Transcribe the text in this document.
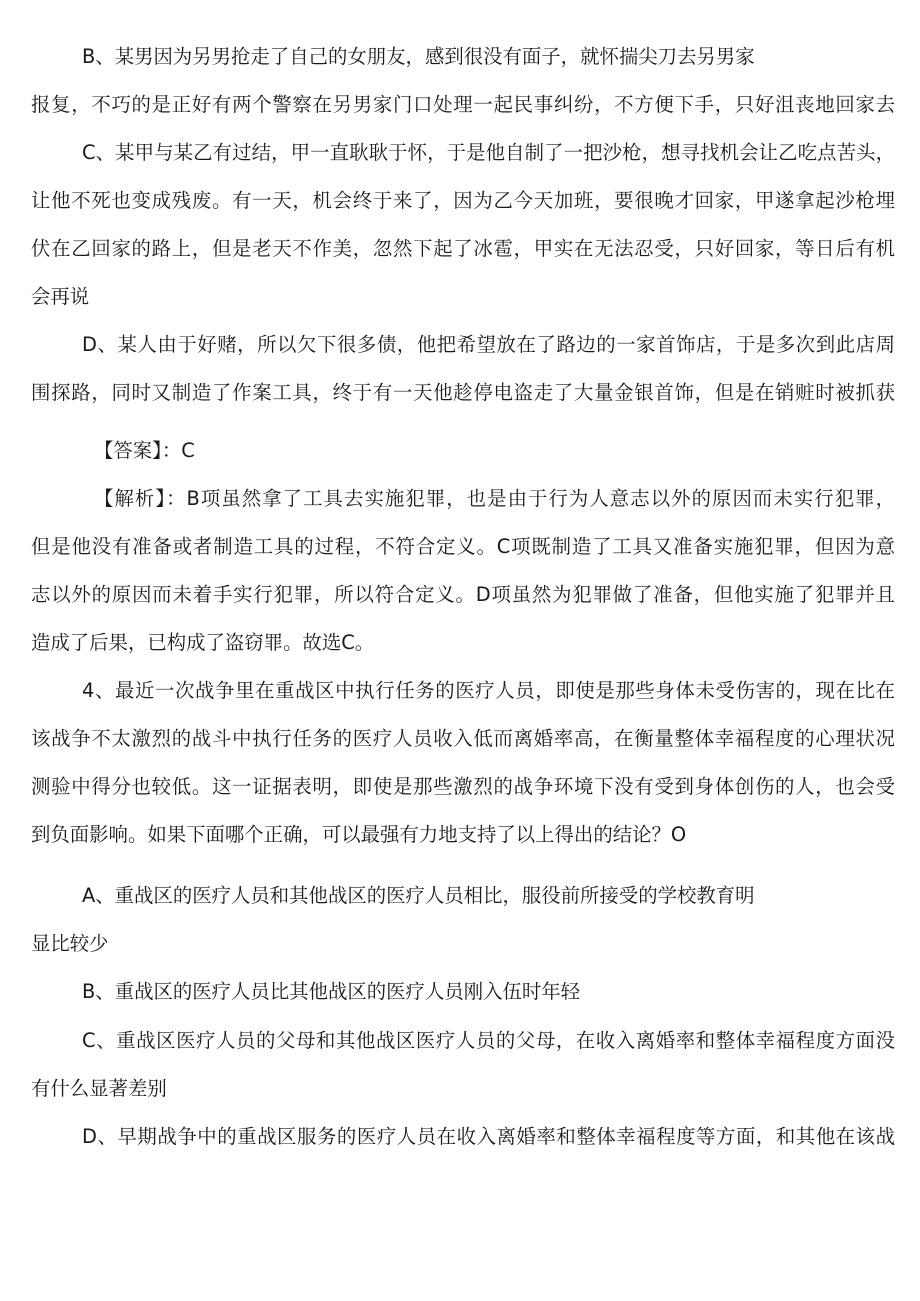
B、某男因为另男抢走了自己的女朋友，感到很没有面子，就怀揣尖刀去另男家
报复，不巧的是正好有两个警察在另男家门口处理一起民事纠纷，不方便下手，只好沮丧地回家去
C、某甲与某乙有过结，甲一直耿耿于怀，于是他自制了一把沙枪，想寻找机会让乙吃点苦头，
让他不死也变成残废。有一天，机会终于来了，因为乙今天加班，要很晚才回家，甲遂拿起沙枪埋
伏在乙回家的路上，但是老天不作美，忽然下起了冰雹，甲实在无法忍受，只好回家，等日后有机
会再说
D、某人由于好赌，所以欠下很多债，他把希望放在了路边的一家首饰店，于是多次到此店周
围探路，同时又制造了作案工具，终于有一天他趁停电盗走了大量金银首饰，但是在销赃时被抓获
【答案】：C
【解析】：B项虽然拿了工具去实施犯罪，也是由于行为人意志以外的原因而未实行犯罪，
但是他没有准备或者制造工具的过程，不符合定义。C项既制造了工具又准备实施犯罪，但因为意
志以外的原因而未着手实行犯罪，所以符合定义。D项虽然为犯罪做了准备，但他实施了犯罪并且
造成了后果，已构成了盗窃罪。故选C。
4、最近一次战争里在重战区中执行任务的医疗人员，即使是那些身体未受伤害的，现在比在
该战争不太激烈的战斗中执行任务的医疗人员收入低而离婚率高，在衡量整体幸福程度的心理状况
测验中得分也较低。这一证据表明，即使是那些激烈的战争环境下没有受到身体创伤的人，也会受
到负面影响。如果下面哪个正确，可以最强有力地支持了以上得出的结论？O
A、重战区的医疗人员和其他战区的医疗人员相比，服役前所接受的学校教育明
显比较少
B、重战区的医疗人员比其他战区的医疗人员刚入伍时年轻
C、重战区医疗人员的父母和其他战区医疗人员的父母，在收入离婚率和整体幸福程度方面没
有什么显著差别
D、早期战争中的重战区服务的医疗人员在收入离婚率和整体幸福程度等方面，和其他在该战
